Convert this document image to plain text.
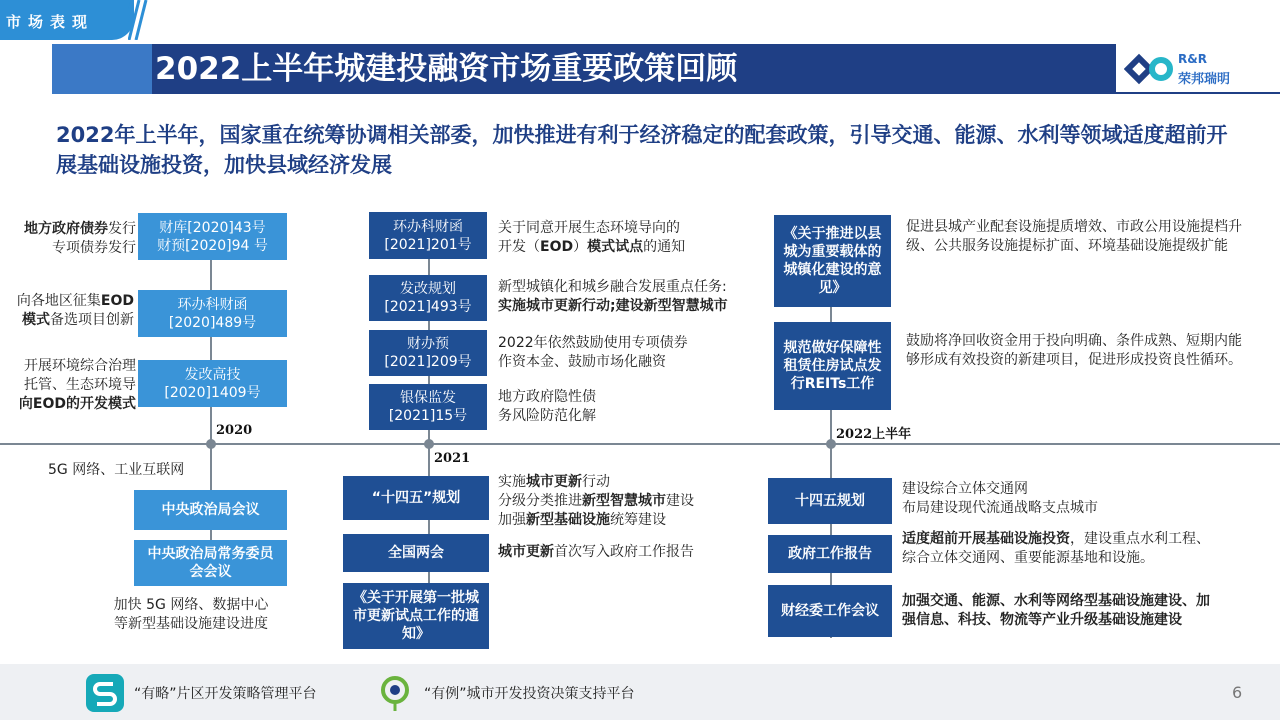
市场表现
2022上半年城建投融资市场重要政策回顾	R&R
荣邦瑞明
2022年上半年，国家重在统筹协调相关部委，加快推进有利于经济稳定的配套政策，引导交通、能源、水利等领域适度超前开展基础设施投资，加快县域经济发展
2020
财库[2020]43号
财预[2020]94 号
地方政府债券发行
专项债券发行
环办科财函
[2020]489号
向各地区征集EOD
模式备选项目创新
发改高技
[2020]1409号
开展环境综合治理
托管、生态环境导
向EOD的开发模式
5G 网络、工业互联网
中央政治局会议
中央政治局常务委员会会议
加快 5G 网络、数据中心
等新型基础设施建设进度
2021
环办科财函
[2021]201号
关于同意开展生态环境导向的
开发（EOD）模式试点的通知
发改规划
[2021]493号
新型城镇化和城乡融合发展重点任务:
实施城市更新行动;建设新型智慧城市
财办预
[2021]209号
2022年依然鼓励使用专项债券
作资本金、鼓励市场化融资
银保监发
[2021]15号
地方政府隐性债
务风险防范化解
“十四五”规划
实施城市更新行动
分级分类推进新型智慧城市建设
加强新型基础设施统筹建设
全国两会	城市更新首次写入政府工作报告
《关于开展第一批城市更新试点工作的通知》
2022上半年
《关于推进以县城为重要载体的城镇化建设的意见》
促进县城产业配套设施提质增效、市政公用设施提档升级、公共服务设施提标扩面、环境基础设施提级扩能
规范做好保障性租赁住房试点发行REITs工作
鼓励将净回收资金用于投向明确、条件成熟、短期内能够形成有效投资的新建项目，促进形成投资良性循环。
十四五规划
建设综合立体交通网
布局建设现代流通战略支点城市
政府工作报告
适度超前开展基础设施投资，建设重点水利工程、综合立体交通网、重要能源基地和设施。
财经委工作会议
加强交通、能源、水利等网络型基础设施建设、加强信息、科技、物流等产业升级基础设施建设
“有略”片区开发策略管理平台	“有例”城市开发投资决策支持平台	6
